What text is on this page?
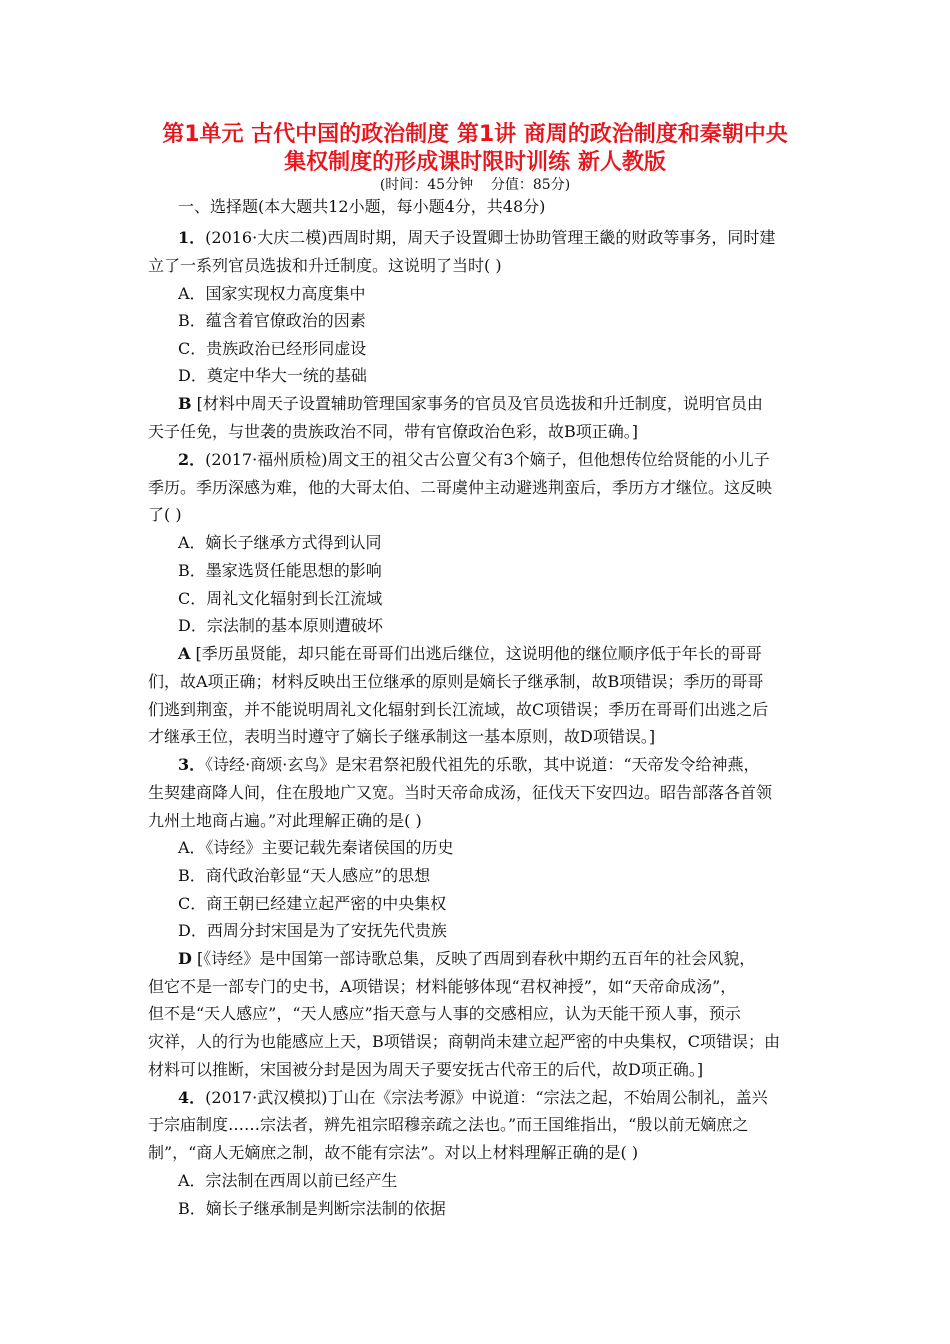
第1单元 古代中国的政治制度 第1讲 商周的政治制度和秦朝中央
集权制度的形成课时限时训练 新人教版
(时间：45分钟    分值：85分)
一、选择题(本大题共12小题，每小题4分，共48分)
1．(2016·大庆二模)西周时期，周天子设置卿士协助管理王畿的财政等事务，同时建
立了一系列官员选拔和升迁制度。这说明了当时( )
A．国家实现权力高度集中
B．蕴含着官僚政治的因素
C．贵族政治已经形同虚设
D．奠定中华大一统的基础
B [材料中周天子设置辅助管理国家事务的官员及官员选拔和升迁制度，说明官员由
天子任免，与世袭的贵族政治不同，带有官僚政治色彩，故B项正确。]
2．(2017·福州质检)周文王的祖父古公亶父有3个嫡子，但他想传位给贤能的小儿子
季历。季历深感为难，他的大哥太伯、二哥虞仲主动避逃荆蛮后，季历方才继位。这反映
了( )
A．嫡长子继承方式得到认同
B．墨家选贤任能思想的影响
C．周礼文化辐射到长江流域
D．宗法制的基本原则遭破坏
A [季历虽贤能，却只能在哥哥们出逃后继位，这说明他的继位顺序低于年长的哥哥
们，故A项正确；材料反映出王位继承的原则是嫡长子继承制，故B项错误；季历的哥哥
们逃到荆蛮，并不能说明周礼文化辐射到长江流域，故C项错误；季历在哥哥们出逃之后
才继承王位，表明当时遵守了嫡长子继承制这一基本原则，故D项错误。]
3．《诗经·商颂·玄鸟》是宋君祭祀殷代祖先的乐歌，其中说道：“天帝发令给神燕，
生契建商降人间，住在殷地广又宽。当时天帝命成汤，征伐天下安四边。昭告部落各首领
九州土地商占遍。”对此理解正确的是( )
A．《诗经》主要记载先秦诸侯国的历史
B．商代政治彰显“天人感应”的思想
C．商王朝已经建立起严密的中央集权
D．西周分封宋国是为了安抚先代贵族
D [《诗经》是中国第一部诗歌总集，反映了西周到春秋中期约五百年的社会风貌，
但它不是一部专门的史书，A项错误；材料能够体现“君权神授”，如“天帝命成汤”，
但不是“天人感应”，“天人感应”指天意与人事的交感相应，认为天能干预人事，预示
灾祥，人的行为也能感应上天，B项错误；商朝尚未建立起严密的中央集权，C项错误；由
材料可以推断，宋国被分封是因为周天子要安抚古代帝王的后代，故D项正确。]
4．(2017·武汉模拟)丁山在《宗法考源》中说道：“宗法之起，不始周公制礼，盖兴
于宗庙制度……宗法者，辨先祖宗昭穆亲疏之法也。”而王国维指出，“殷以前无嫡庶之
制”，“商人无嫡庶之制，故不能有宗法”。对以上材料理解正确的是( )
A．宗法制在西周以前已经产生
B．嫡长子继承制是判断宗法制的依据
